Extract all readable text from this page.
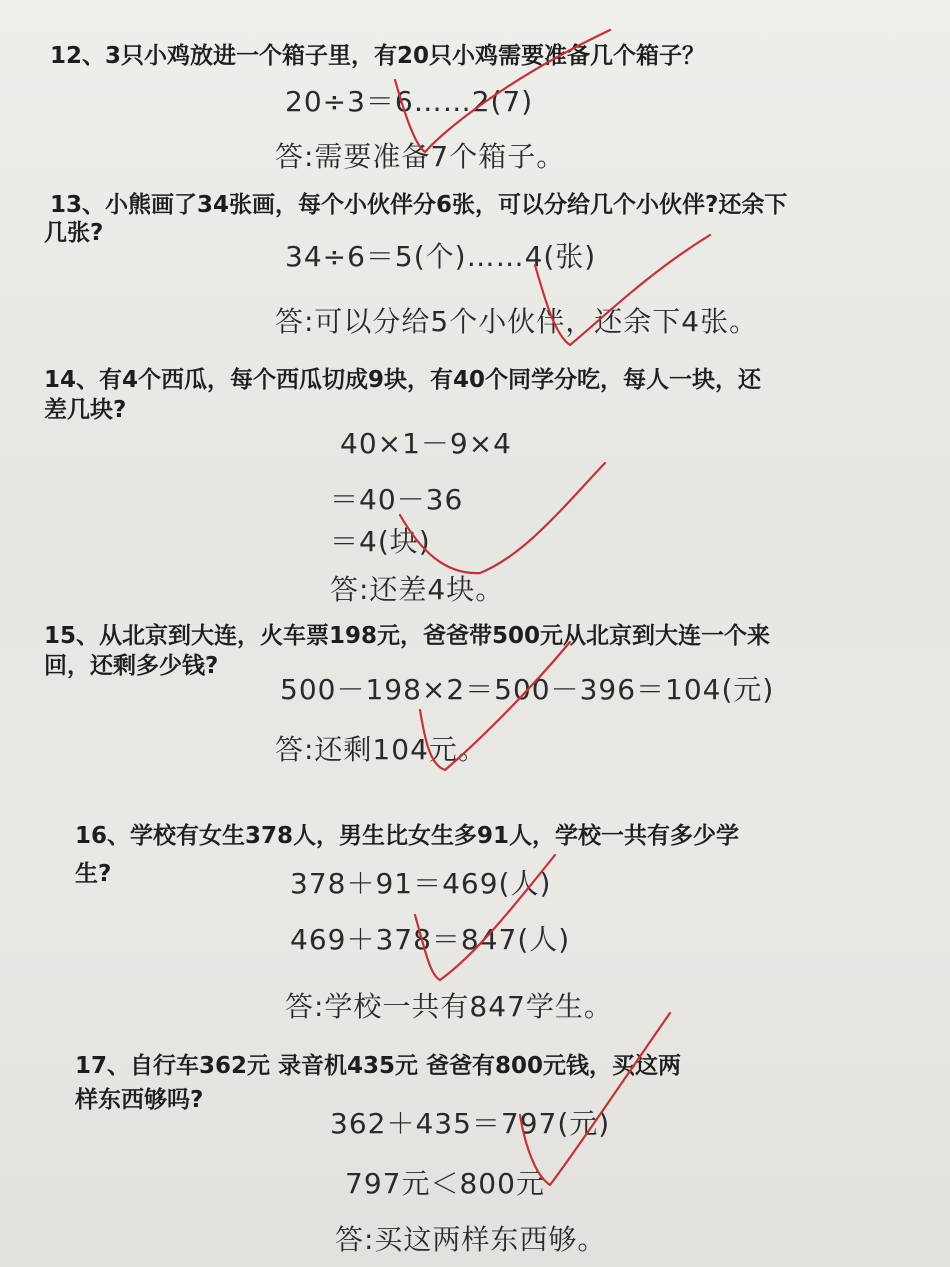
12、3只小鸡放进一个箱子里，有20只小鸡需要准备几个箱子？
20÷3＝6……2(7)
答:需要准备7个箱子。
13、小熊画了34张画，每个小伙伴分6张，可以分给几个小伙伴?还余下
几张?
34÷6＝5(个)……4(张)
答:可以分给5个小伙伴，还余下4张。
14、有4个西瓜，每个西瓜切成9块，有40个同学分吃，每人一块，还
差几块?
40×1－9×4
＝40－36
＝4(块)
答:还差4块。
15、从北京到大连，火车票198元，爸爸带500元从北京到大连一个来
回，还剩多少钱?
500－198×2＝500－396＝104(元)
答:还剩104元。
16、学校有女生378人，男生比女生多91人，学校一共有多少学
生?	378＋91＝469(人)
469＋378＝847(人)
答:学校一共有847学生。
17、自行车362元 录音机435元 爸爸有800元钱，买这两
样东西够吗?
362＋435＝797(元)
797元＜800元
答:买这两样东西够。
